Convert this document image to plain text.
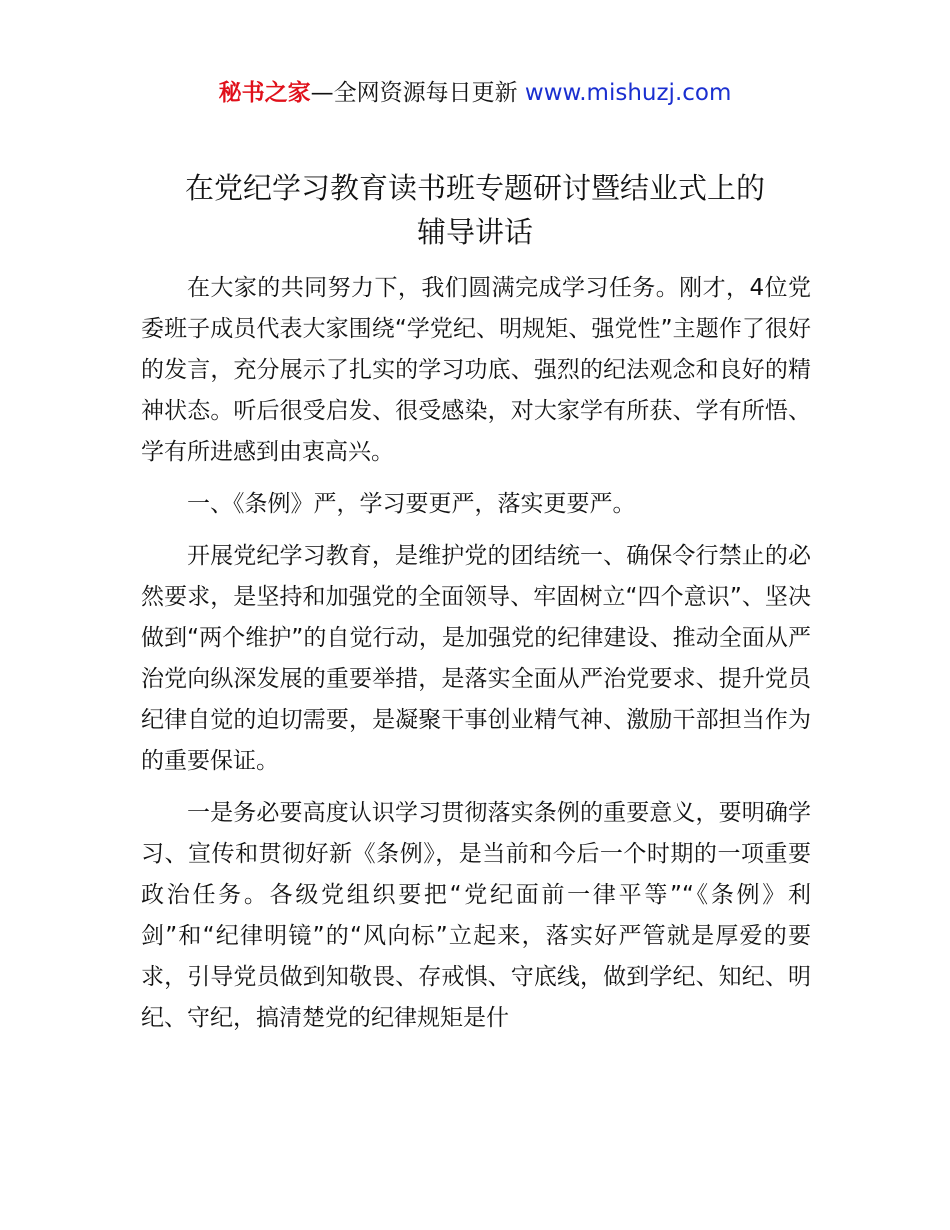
秘书之家—全网资源每日更新 www.mishuzj.com
在党纪学习教育读书班专题研讨暨结业式上的
辅导讲话

在大家的共同努力下，我们圆满完成学习任务。刚才，4位党委班子成员代表大家围绕“学党纪、明规矩、强党性”主题作了很好的发言，充分展示了扎实的学习功底、强烈的纪法观念和良好的精神状态。听后很受启发、很受感染，对大家学有所获、学有所悟、学有所进感到由衷高兴。

一、《条例》严，学习要更严，落实更要严。

开展党纪学习教育，是维护党的团结统一、确保令行禁止的必然要求，是坚持和加强党的全面领导、牢固树立“四个意识”、坚决做到“两个维护”的自觉行动，是加强党的纪律建设、推动全面从严治党向纵深发展的重要举措，是落实全面从严治党要求、提升党员纪律自觉的迫切需要，是凝聚干事创业精气神、激励干部担当作为的重要保证。

一是务必要高度认识学习贯彻落实条例的重要意义，要明确学习、宣传和贯彻好新《条例》，是当前和今后一个时期的一项重要政治任务。各级党组织要把“党纪面前一律平等”“《条例》利剑”和“纪律明镜”的“风向标”立起来，落实好严管就是厚爱的要求，引导党员做到知敬畏、存戒惧、守底线，做到学纪、知纪、明纪、守纪，搞清楚党的纪律规矩是什
